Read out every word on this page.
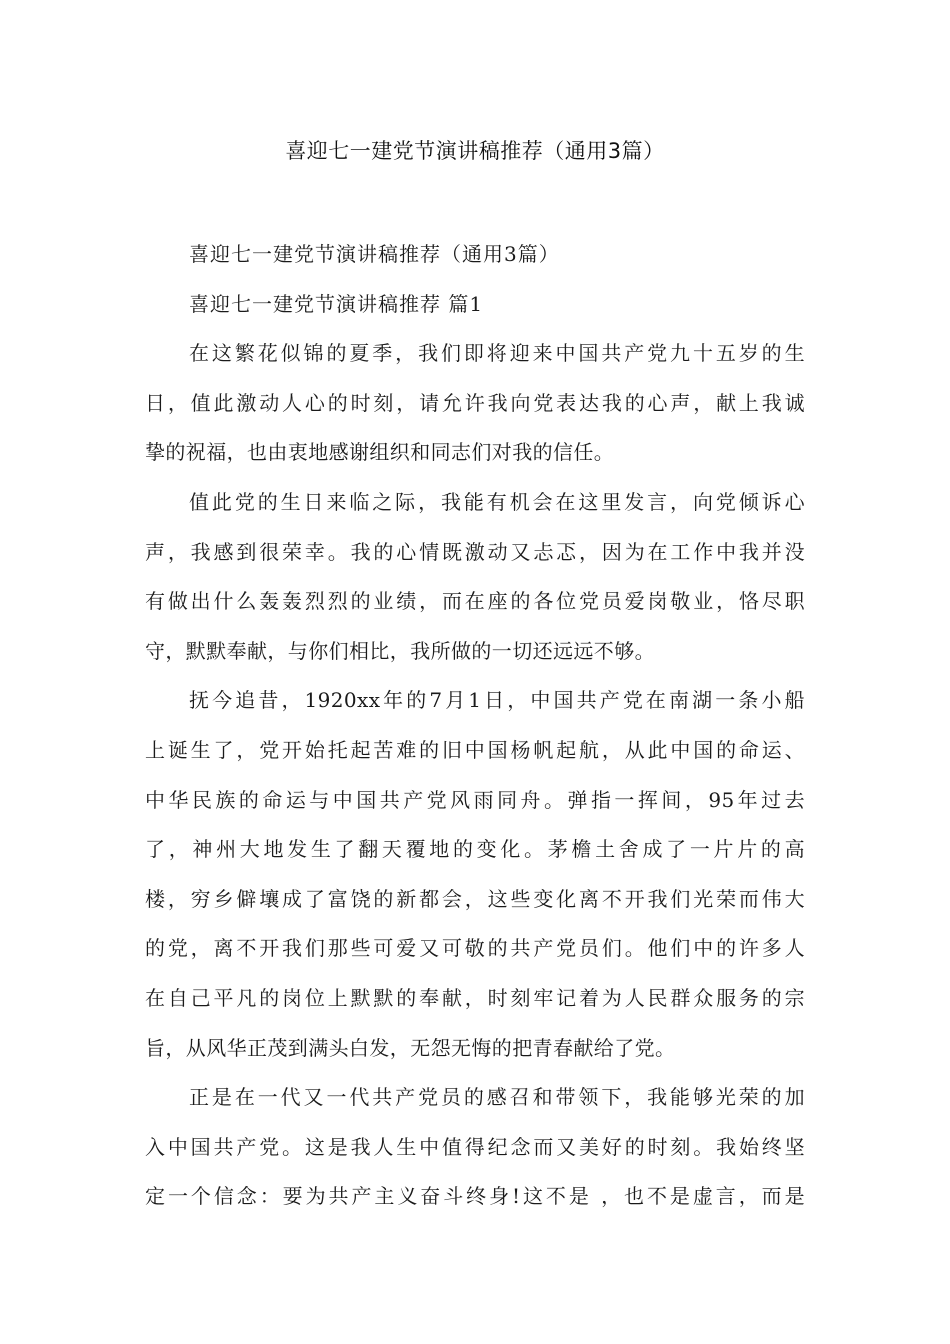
喜迎七一建党节演讲稿推荐（通用3篇）
喜迎七一建党节演讲稿推荐（通用3篇）
喜迎七一建党节演讲稿推荐 篇1
在这繁花似锦的夏季，我们即将迎来中国共产党九十五岁的生
日，值此激动人心的时刻，请允许我向党表达我的心声，献上我诚
挚的祝福，也由衷地感谢组织和同志们对我的信任。
值此党的生日来临之际，我能有机会在这里发言，向党倾诉心
声，我感到很荣幸。我的心情既激动又忐忑，因为在工作中我并没
有做出什么轰轰烈烈的业绩，而在座的各位党员爱岗敬业，恪尽职
守，默默奉献，与你们相比，我所做的一切还远远不够。
抚今追昔，1920xx年的7月1日，中国共产党在南湖一条小船
上诞生了，党开始托起苦难的旧中国杨帆起航，从此中国的命运、
中华民族的命运与中国共产党风雨同舟。弹指一挥间，95年过去
了，神州大地发生了翻天覆地的变化。茅檐土舍成了一片片的高
楼，穷乡僻壤成了富饶的新都会，这些变化离不开我们光荣而伟大
的党，离不开我们那些可爱又可敬的共产党员们。他们中的许多人
在自己平凡的岗位上默默的奉献，时刻牢记着为人民群众服务的宗
旨，从风华正茂到满头白发，无怨无悔的把青春献给了党。
正是在一代又一代共产党员的感召和带领下，我能够光荣的加
入中国共产党。这是我人生中值得纪念而又美好的时刻。我始终坚
定一个信念：要为共产主义奋斗终身!这不是 ，也不是虚言，而是
